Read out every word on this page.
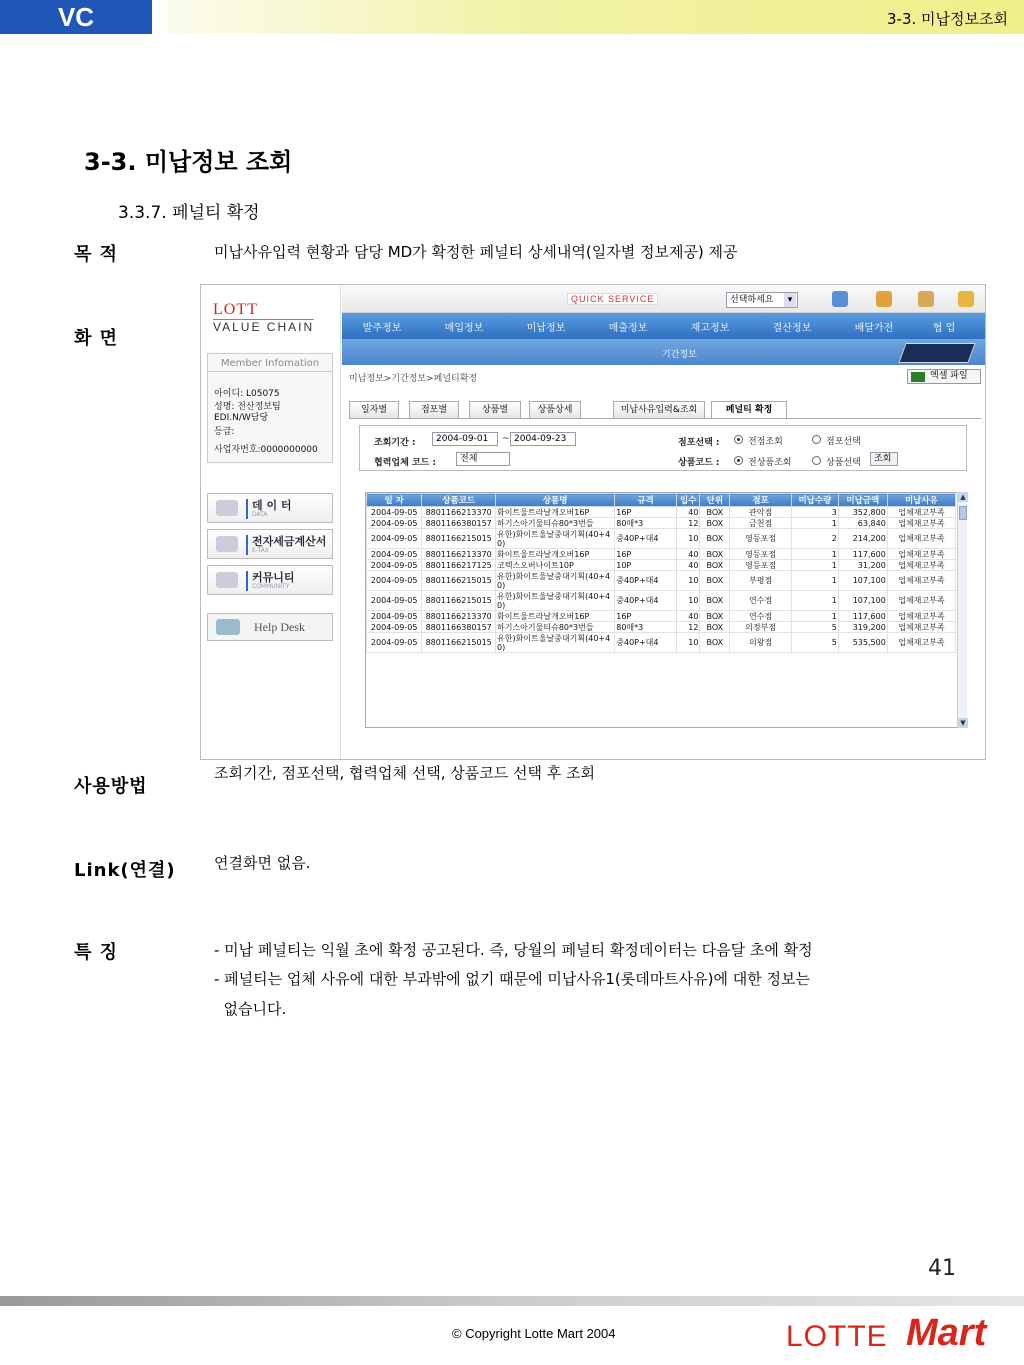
VC	3-3. 미납정보조회
3-3. 미납정보 조회
3.3.7. 페널티 확정
목 적	미납사유입력 현황과 담당 MD가 확정한 페널티 상세내역(일자별 정보제공) 제공
화 면
LOTT
VALUE CHAIN
Member Infomation
아이디: L05075
성명: 전산정보팀
EDI.N/W담당
등급:
사업자번호:0000000000
데 이 터
DATA
전자세금계산서
E-TAX
커뮤니티
COMMUNITY
Help Desk
QUICK SERVICE	선택하세요 ▾
발주정보	매입정보	미납정보	매출정보	재고정보	결산정보	배달가전	협 업
기간정보
미납정보>기간정보>페널티확정	엑셀 파일
일자별	점포별	상품별	상품상세	미납사유입력&조회	페널티 확정
조회기간 :	2004-09-01	~ 2004-09-23
협력업체 코드 :	전체
점포선택 :	전점조회	점포선택
상품코드 :	전상품조회	상품선택	조회
일 자	상품코드	상품명	규격	입수	단위	점포	미납수량	미납금액	미납사유
2004-09-05	8801166213370	화이트울트라날개오버16P	16P	40	BOX	관악점	3	352,800	업체재고부족
2004-09-05	8801166380157	하기스아기물티슈80*3번들	80매*3	12	BOX	금천점	1	63,840	업체재고부족
2004-09-05	8801166215015	유한)화이트울날중대기획(40+40)	중40P+대4	10	BOX	영등포점	2	214,200	업체재고부족
2004-09-05	8801166213370	화이트울트라날개오버16P	16P	40	BOX	영등포점	1	117,600	업체재고부족
2004-09-05	8801166217125	코텍스오버나이트10P	10P	40	BOX	영등포점	1	31,200	업체재고부족
2004-09-05	8801166215015	유한)화이트울날중대기획(40+40)	중40P+대4	10	BOX	부평점	1	107,100	업체재고부족
2004-09-05	8801166215015	유한)화이트울날중대기획(40+40)	중40P+대4	10	BOX	연수점	1	107,100	업체재고부족
2004-09-05	8801166213370	화이트울트라날개오버16P	16P	40	BOX	연수점	1	117,600	업체재고부족
2004-09-05	8801166380157	하기스아기물티슈80*3번들	80매*3	12	BOX	의정부점	5	319,200	업체재고부족
2004-09-05	8801166215015	유한)화이트울날중대기획(40+40)	중40P+대4	10	BOX	의왕점	5	535,500	업체재고부족
▲
▼
사용방법
조회기간, 점포선택, 협력업체 선택, 상품코드 선택 후 조회
Link(연결)	연결화면 없음.
특 징	- 미납 페널티는 익월 초에 확정 공고된다. 즉, 당월의 페널티 확정데이터는 다음달 초에 확정
- 페널티는 업체 사유에 대한 부과밖에 없기 때문에 미납사유1(롯데마트사유)에 대한 정보는
없습니다.
41
© Copyright Lotte Mart 2004	LOTTE Mart
